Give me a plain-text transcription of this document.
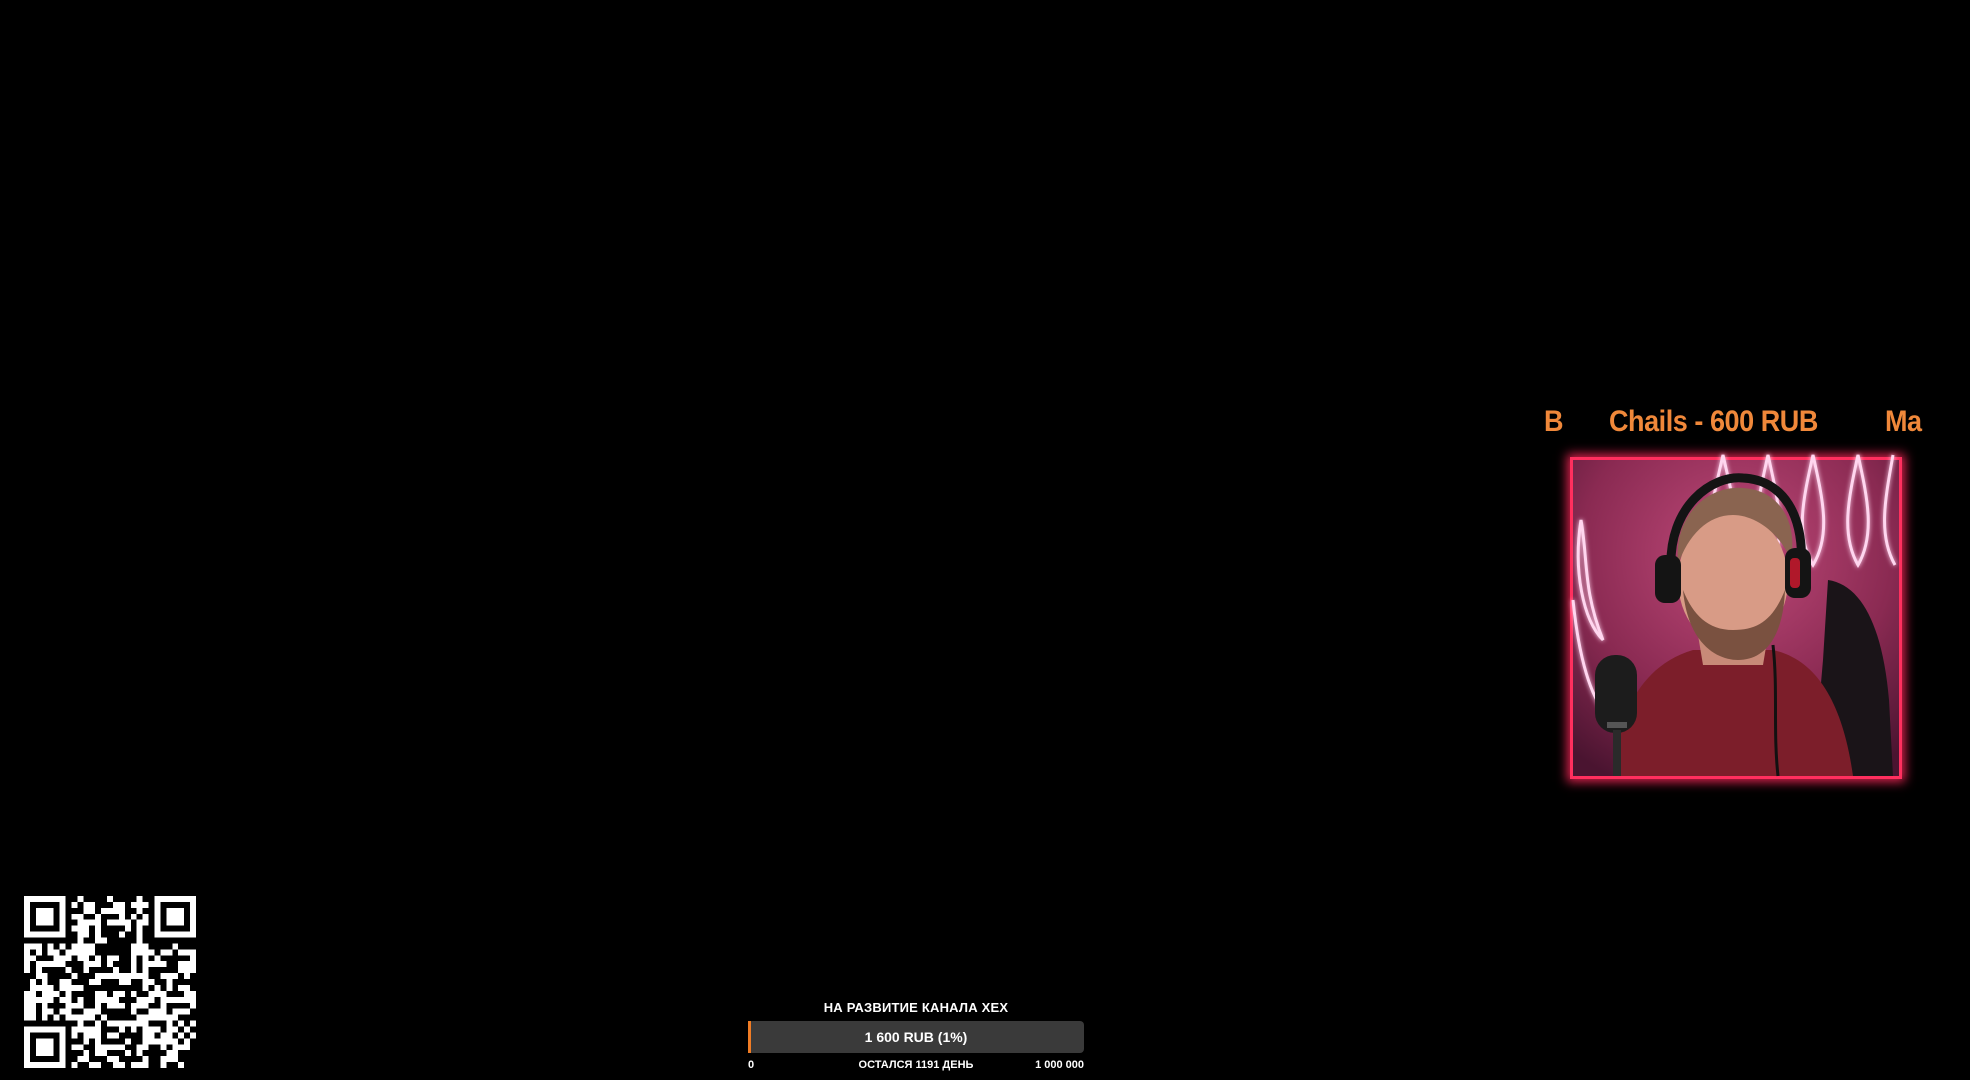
B Chails - 600 RUB Ma
НА РАЗВИТИЕ КАНАЛА XEX
1 600 RUB (1%)
0	ОСТАЛСЯ 1191 ДЕНЬ	1 000 000
